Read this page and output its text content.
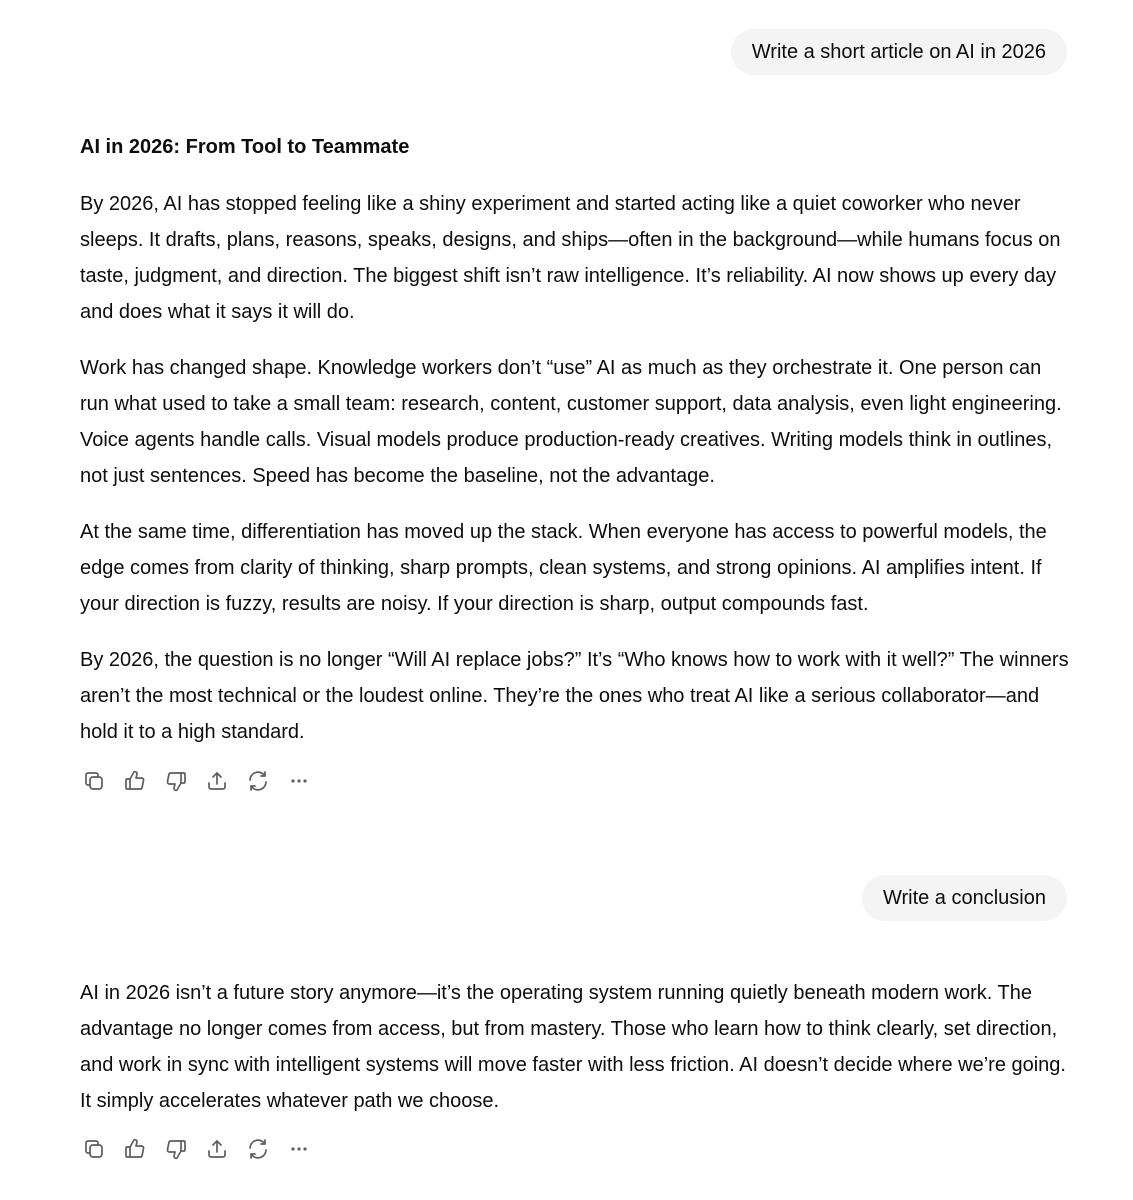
Write a short article on AI in 2026
AI in 2026: From Tool to Teammate

By 2026, AI has stopped feeling like a shiny experiment and started acting like a quiet coworker who never sleeps. It drafts, plans, reasons, speaks, designs, and ships—often in the background—while humans focus on taste, judgment, and direction. The biggest shift isn’t raw intelligence. It’s reliability. AI now shows up every day and does what it says it will do.

Work has changed shape. Knowledge workers don’t “use” AI as much as they orchestrate it. One person can run what used to take a small team: research, content, customer support, data analysis, even light engineering. Voice agents handle calls. Visual models produce production-ready creatives. Writing models think in outlines, not just sentences. Speed has become the baseline, not the advantage.

At the same time, differentiation has moved up the stack. When everyone has access to powerful models, the edge comes from clarity of thinking, sharp prompts, clean systems, and strong opinions. AI amplifies intent. If your direction is fuzzy, results are noisy. If your direction is sharp, output compounds fast.

By 2026, the question is no longer “Will AI replace jobs?” It’s “Who knows how to work with it well?” The winners aren’t the most technical or the loudest online. They’re the ones who treat AI like a serious collaborator—and hold it to a high standard.

Write a conclusion

AI in 2026 isn’t a future story anymore—it’s the operating system running quietly beneath modern work. The advantage no longer comes from access, but from mastery. Those who learn how to think clearly, set direction, and work in sync with intelligent systems will move faster with less friction. AI doesn’t decide where we’re going. It simply accelerates whatever path we choose.
